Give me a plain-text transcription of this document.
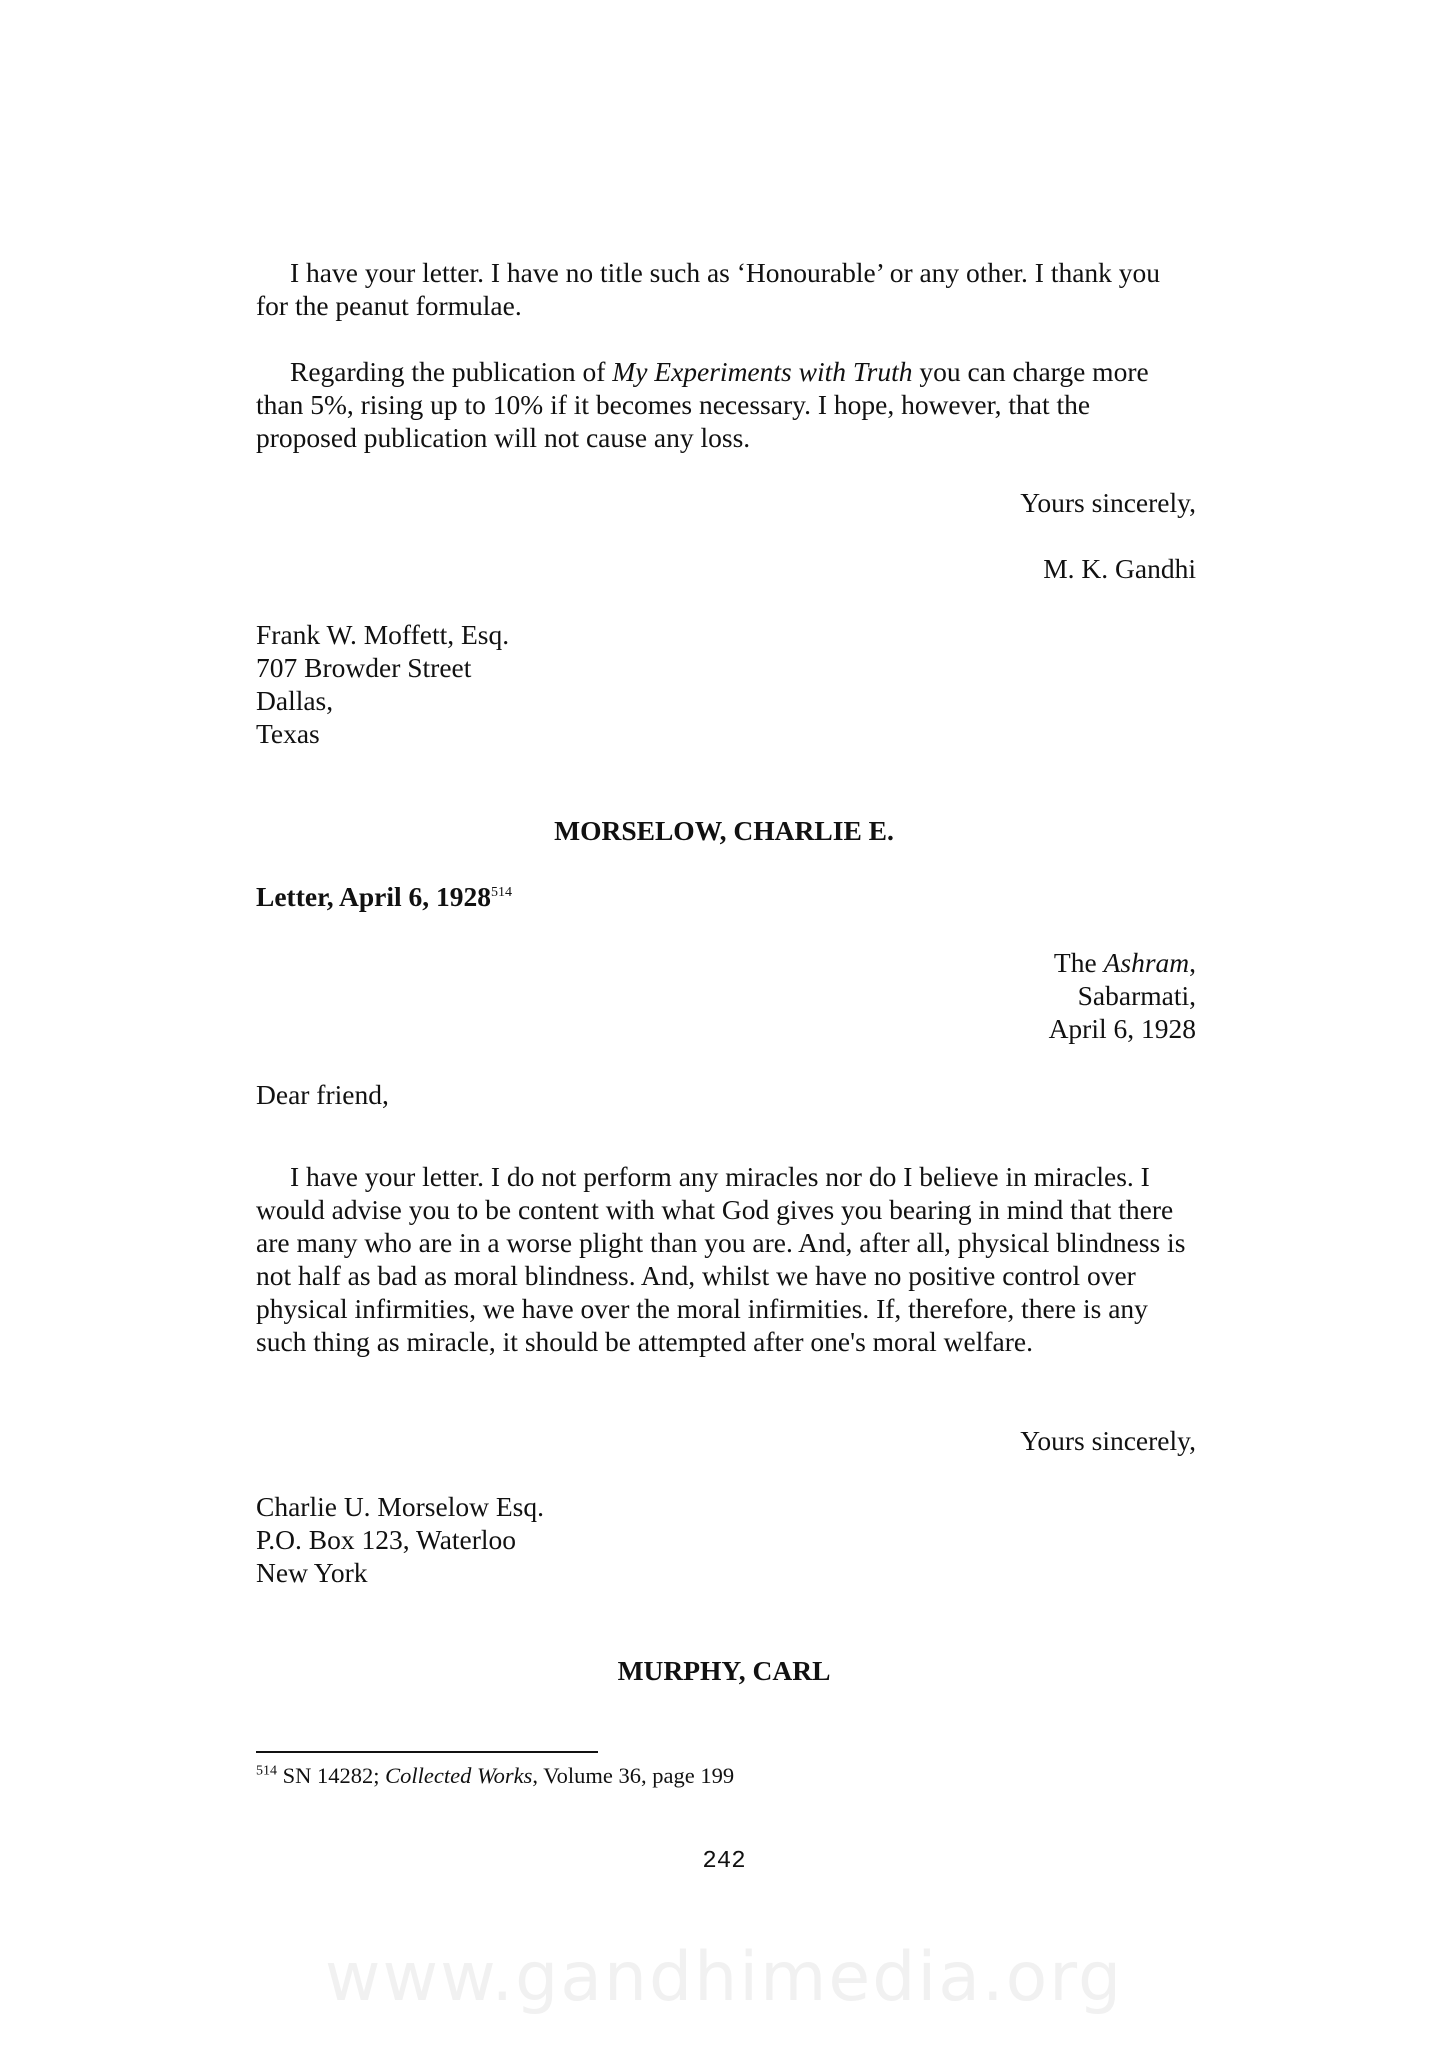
I have your letter. I have no title such as ‘Honourable’ or any other. I thank you for the peanut formulae.

Regarding the publication of My Experiments with Truth you can charge more than 5%, rising up to 10% if it becomes necessary. I hope, however, that the proposed publication will not cause any loss.

Yours sincerely,
M. K. Gandhi
Frank W. Moffett, Esq.
707 Browder Street
Dallas,
Texas
MORSELOW, CHARLIE E.
Letter, April 6, 1928$^{514}$
The Ashram,
Sabarmati,
April 6, 1928
Dear friend,

I have your letter. I do not perform any miracles nor do I believe in miracles. I would advise you to be content with what God gives you bearing in mind that there are many who are in a worse plight than you are. And, after all, physical blindness is not half as bad as moral blindness. And, whilst we have no positive control over physical infirmities, we have over the moral infirmities. If, therefore, there is any such thing as miracle, it should be attempted after one's moral welfare.

Yours sincerely,
Charlie U. Morselow Esq.
P.O. Box 123, Waterloo
New York
MURPHY, CARL
$^{514}$ SN 14282; Collected Works, Volume 36, page 199
242
www.gandhimedia.org
